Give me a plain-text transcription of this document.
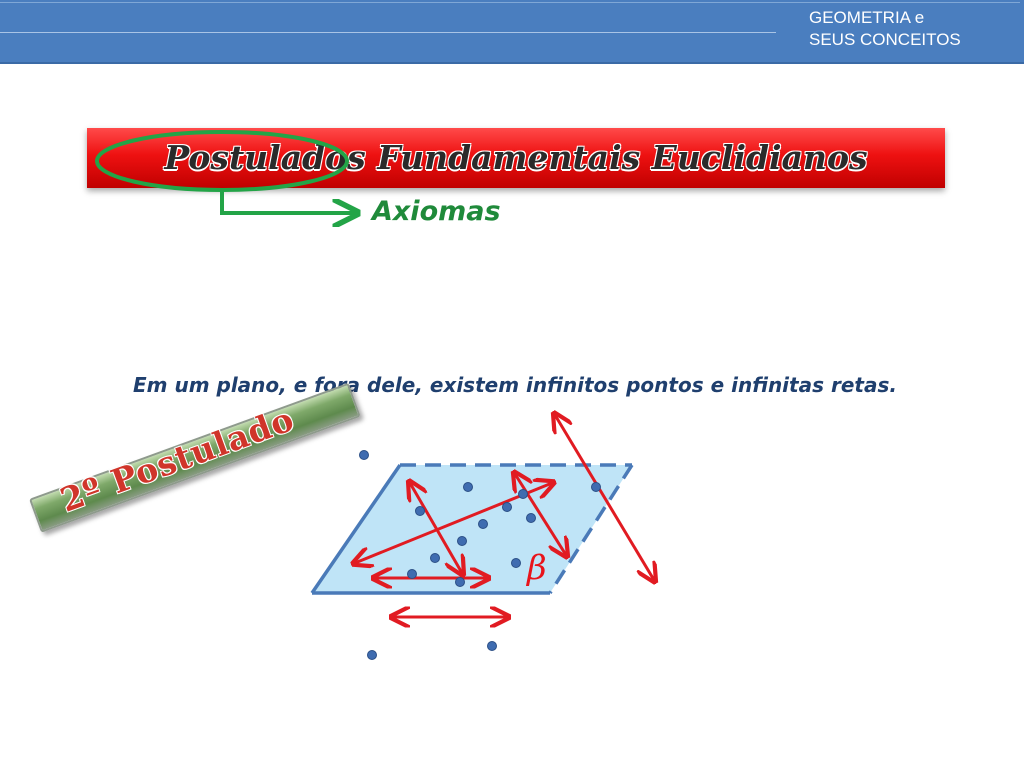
GEOMETRIA e
SEUS CONCEITOS
Postulados Fundamentais Euclidianos
Axiomas
Em um plano, e fora dele, existem infinitos pontos e infinitas retas.
2º Postulado
β
